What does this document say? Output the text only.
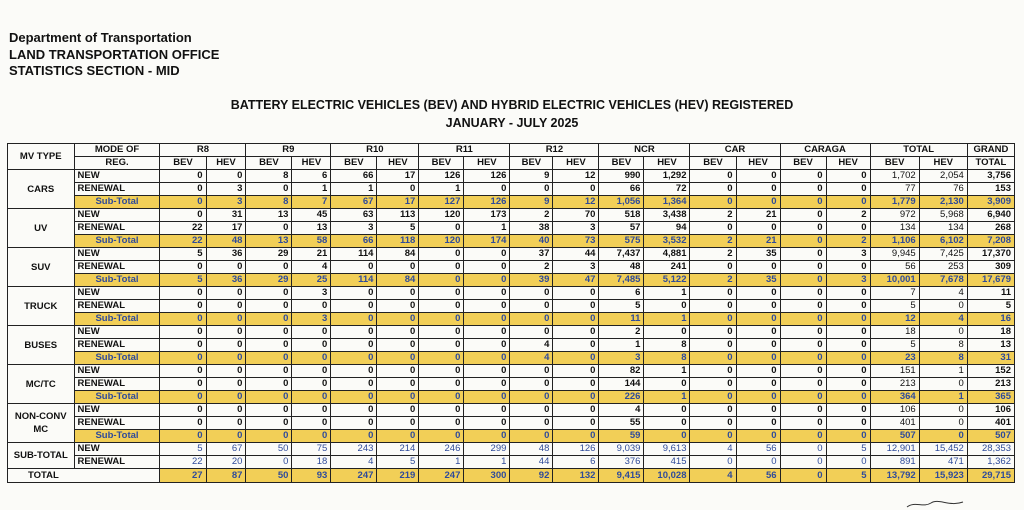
Department of Transportation
LAND TRANSPORTATION OFFICE
STATISTICS SECTION - MID
BATTERY ELECTRIC VEHICLES (BEV) AND HYBRID ELECTRIC VEHICLES (HEV) REGISTERED
JANUARY - JULY 2025
MV TYPE	MODE OF	R8		R9		R10		R11		R12		NCR		CAR		CARAGA		TOTAL		GRAND
	REG.	BEV	HEV	BEV	HEV	BEV	HEV	BEV	HEV	BEV	HEV	BEV	HEV	BEV	HEV	BEV	HEV	BEV	HEV	TOTAL
CARS	NEW	0	0	8	6	66	17	126	126	9	12	990	1,292	0	0	0	0	1,702	2,054	3,756
	RENEWAL	0	3	0	1	1	0	1	0	0	0	66	72	0	0	0	0	77	76	153
	Sub-Total	0	3	8	7	67	17	127	126	9	12	1,056	1,364	0	0	0	0	1,779	2,130	3,909
UV	NEW	0	31	13	45	63	113	120	173	2	70	518	3,438	2	21	0	2	972	5,968	6,940
	RENEWAL	22	17	0	13	3	5	0	1	38	3	57	94	0	0	0	0	134	134	268
	Sub-Total	22	48	13	58	66	118	120	174	40	73	575	3,532	2	21	0	2	1,106	6,102	7,208
SUV	NEW	5	36	29	21	114	84	0	0	37	44	7,437	4,881	2	35	0	3	9,945	7,425	17,370
	RENEWAL	0	0	0	4	0	0	0	0	2	3	48	241	0	0	0	0	56	253	309
	Sub-Total	5	36	29	25	114	84	0	0	39	47	7,485	5,122	2	35	0	3	10,001	7,678	17,679
TRUCK	NEW	0	0	0	3	0	0	0	0	0	0	6	1	0	0	0	0	7	4	11
	RENEWAL	0	0	0	0	0	0	0	0	0	0	5	0	0	0	0	0	5	0	5
	Sub-Total	0	0	0	3	0	0	0	0	0	0	11	1	0	0	0	0	12	4	16
BUSES	NEW	0	0	0	0	0	0	0	0	0	0	2	0	0	0	0	0	18	0	18
	RENEWAL	0	0	0	0	0	0	0	0	4	0	1	8	0	0	0	0	5	8	13
	Sub-Total	0	0	0	0	0	0	0	0	4	0	3	8	0	0	0	0	23	8	31
MC/TC	NEW	0	0	0	0	0	0	0	0	0	0	82	1	0	0	0	0	151	1	152
	RENEWAL	0	0	0	0	0	0	0	0	0	0	144	0	0	0	0	0	213	0	213
	Sub-Total	0	0	0	0	0	0	0	0	0	0	226	1	0	0	0	0	364	1	365
NON-CONV MC	NEW	0	0	0	0	0	0	0	0	0	0	4	0	0	0	0	0	106	0	106
	RENEWAL	0	0	0	0	0	0	0	0	0	0	55	0	0	0	0	0	401	0	401
	Sub-Total	0	0	0	0	0	0	0	0	0	0	59	0	0	0	0	0	507	0	507
SUB-TOTAL	NEW	5	67	50	75	243	214	246	299	48	126	9,039	9,613	4	56	0	5	12,901	15,452	28,353
	RENEWAL	22	20	0	18	4	5	1	1	44	6	376	415	0	0	0	0	891	471	1,362
TOTAL		27	87	50	93	247	219	247	300	92	132	9,415	10,028	4	56	0	5	13,792	15,923	29,715
